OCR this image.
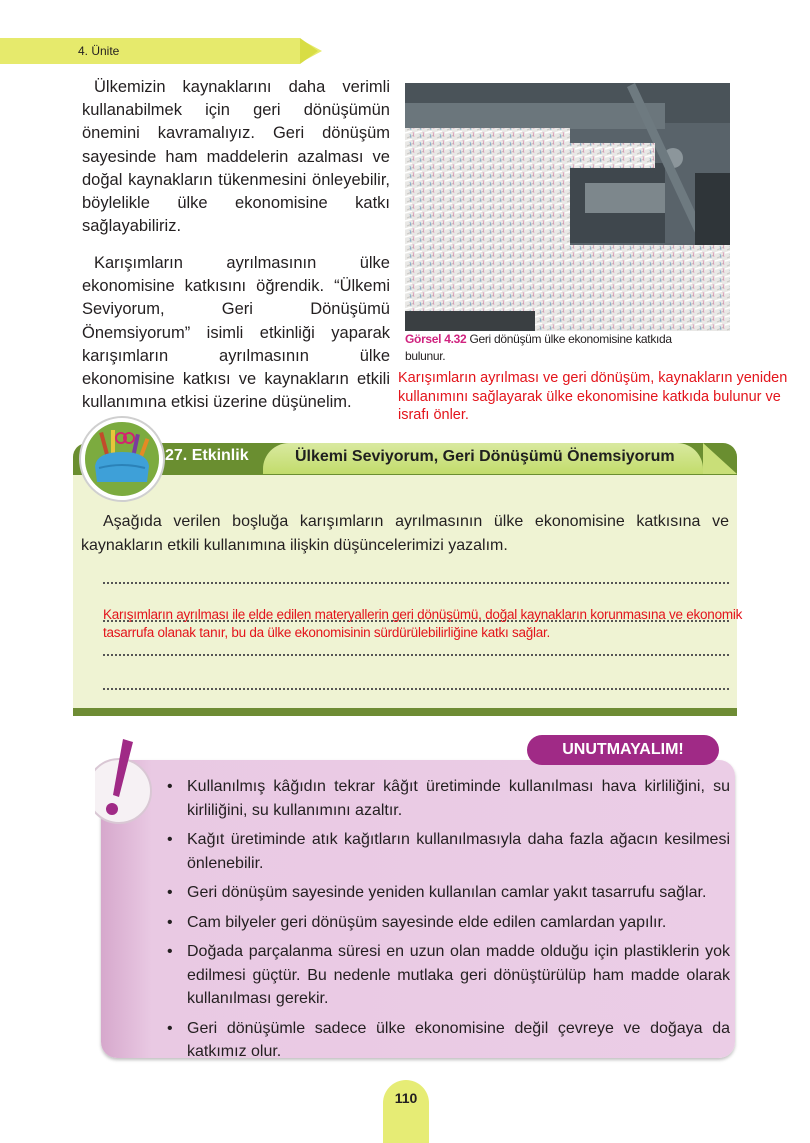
4. Ünite

Ülkemizin kaynaklarını daha verimli kullanabilmek için geri dönüşümün önemini kavramalıyız. Geri dönüşüm sayesinde ham maddelerin azalması ve doğal kaynakların tükenmesini önleyebilir, böylelikle ülke ekonomisine katkı sağlayabiliriz.

Karışımların ayrılmasının ülke ekonomisine katkısını öğrendik. “Ülkemi Seviyorum, Geri Dönüşümü Önemsiyorum” isimli etkinliği yaparak karışımların ayrılmasının ülke ekonomisine katkısı ve kaynakların etkili kullanımına etkisi üzerine düşünelim.

Görsel 4.32 Geri dönüşüm ülke ekonomisine katkıda bulunur.
Karışımların ayrılması ve geri dönüşüm, kaynakların yeniden kullanımını sağlayarak ülke ekonomisine katkıda bulunur ve israfı önler.
27. Etkinlik	Ülkemi Seviyorum, Geri Dönüşümü Önemsiyorum

Aşağıda verilen boşluğa karışımların ayrılmasının ülke ekonomisine katkısına ve kaynakların etkili kullanımına ilişkin düşüncelerimizi yazalım.

Karışımların ayrılması ile elde edilen materyallerin geri dönüşümü, doğal kaynakların korunmasına ve ekonomik tasarrufa olanak tanır, bu da ülke ekonomisinin sürdürülebilirliğine katkı sağlar.
UNUTMAYALIM!
• Kullanılmış kâğıdın tekrar kâğıt üretiminde kullanılması hava kirliliğini, su kirliliğini, su kullanımını azaltır.
• Kağıt üretiminde atık kağıtların kullanılmasıyla daha fazla ağacın kesilmesi önlenebilir.
• Geri dönüşüm sayesinde yeniden kullanılan camlar yakıt tasarrufu sağlar.
• Cam bilyeler geri dönüşüm sayesinde elde edilen camlardan yapılır.
• Doğada parçalanma süresi en uzun olan madde olduğu için plastiklerin yok edilmesi güçtür. Bu nedenle mutlaka geri dönüştürülüp ham madde olarak kullanılması gerekir.
• Geri dönüşümle sadece ülke ekonomisine değil çevreye ve doğaya da katkımız olur.
110
